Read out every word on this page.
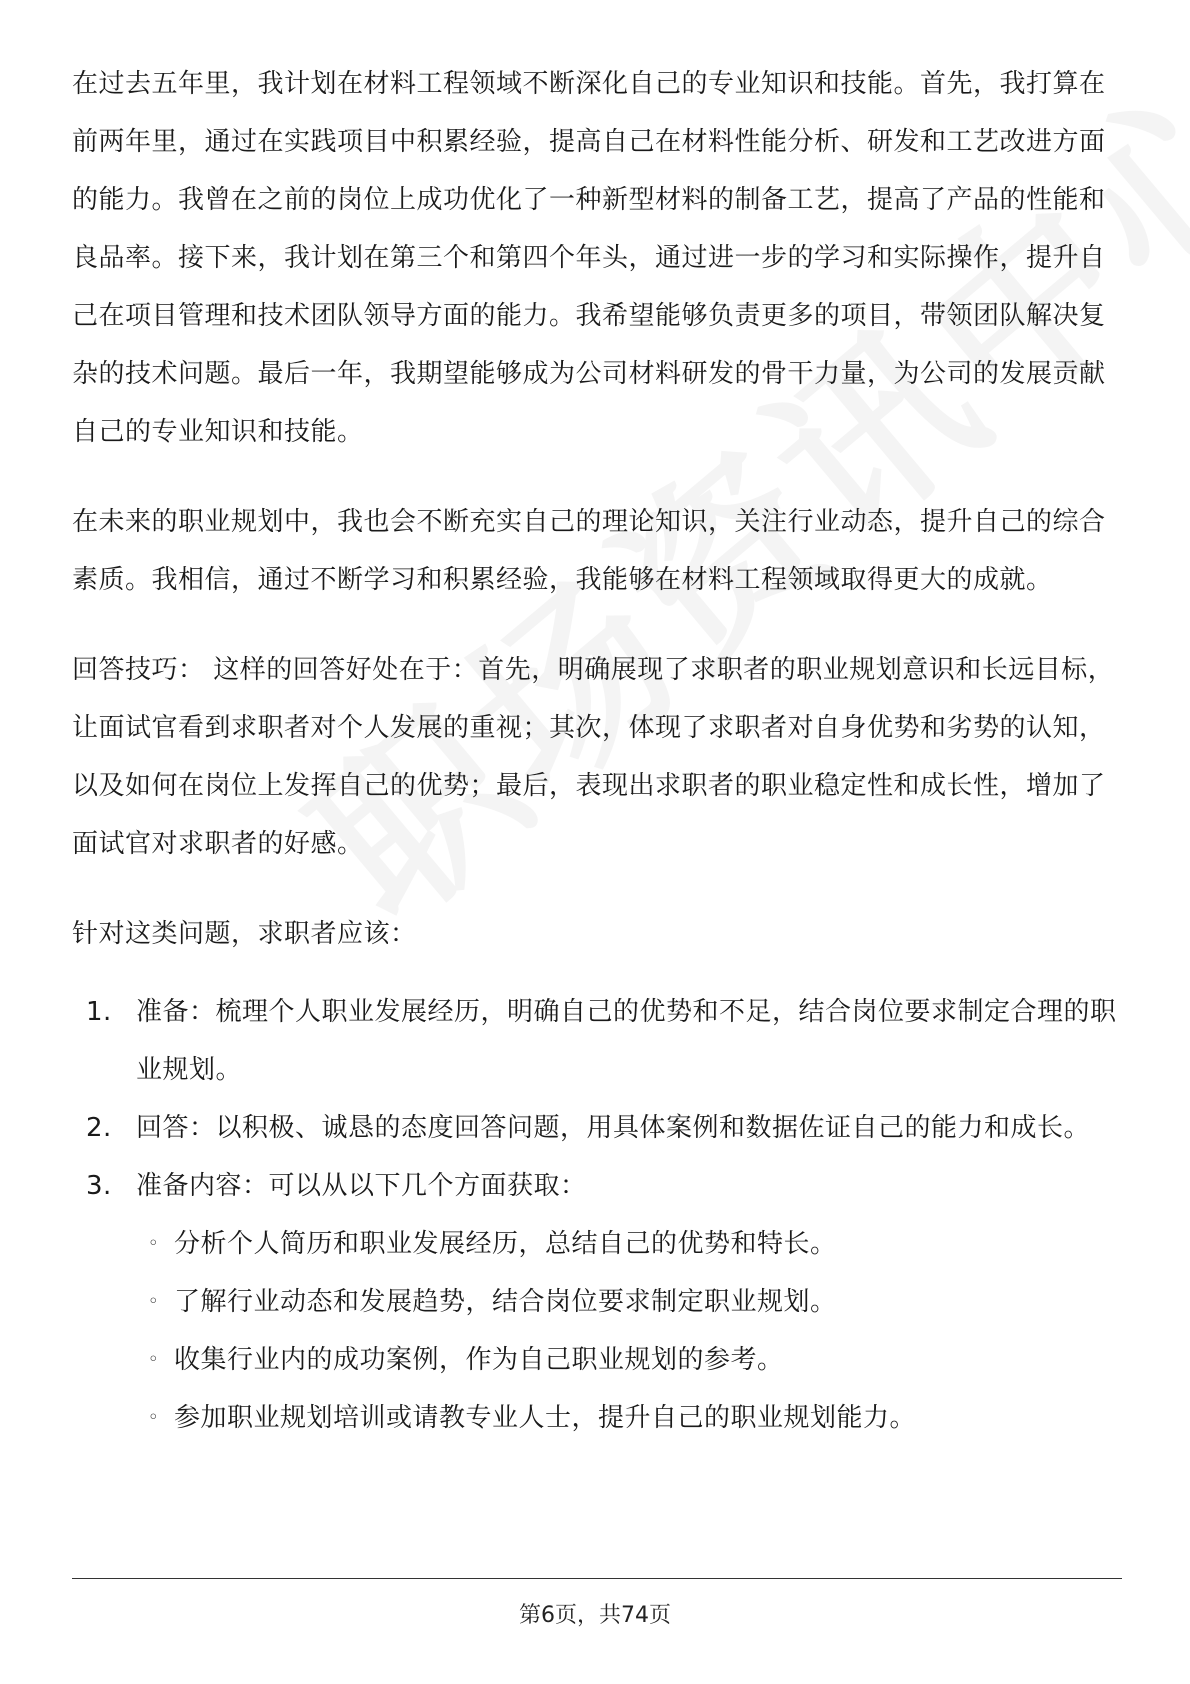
在过去五年里，我计划在材料工程领域不断深化自己的专业知识和技能。首先，我打算在前两年里，通过在实践项目中积累经验，提高自己在材料性能分析、研发和工艺改进方面的能力。我曾在之前的岗位上成功优化了一种新型材料的制备工艺，提高了产品的性能和良品率。接下来，我计划在第三个和第四个年头，通过进一步的学习和实际操作，提升自己在项目管理和技术团队领导方面的能力。我希望能够负责更多的项目，带领团队解决复杂的技术问题。最后一年，我期望能够成为公司材料研发的骨干力量，为公司的发展贡献自己的专业知识和技能。

在未来的职业规划中，我也会不断充实自己的理论知识，关注行业动态，提升自己的综合素质。我相信，通过不断学习和积累经验，我能够在材料工程领域取得更大的成就。

回答技巧： 这样的回答好处在于：首先，明确展现了求职者的职业规划意识和长远目标，让面试官看到求职者对个人发展的重视；其次，体现了求职者对自身优势和劣势的认知，以及如何在岗位上发挥自己的优势；最后，表现出求职者的职业稳定性和成长性，增加了面试官对求职者的好感。

针对这类问题，求职者应该：

1. 准备：梳理个人职业发展经历，明确自己的优势和不足，结合岗位要求制定合理的职业规划。
2. 回答：以积极、诚恳的态度回答问题，用具体案例和数据佐证自己的能力和成长。
3. 准备内容：可以从以下几个方面获取：
◦ 分析个人简历和职业发展经历，总结自己的优势和特长。
◦ 了解行业动态和发展趋势，结合岗位要求制定职业规划。
◦ 收集行业内的成功案例，作为自己职业规划的参考。
◦ 参加职业规划培训或请教专业人士，提升自己的职业规划能力。
第6页，共74页
